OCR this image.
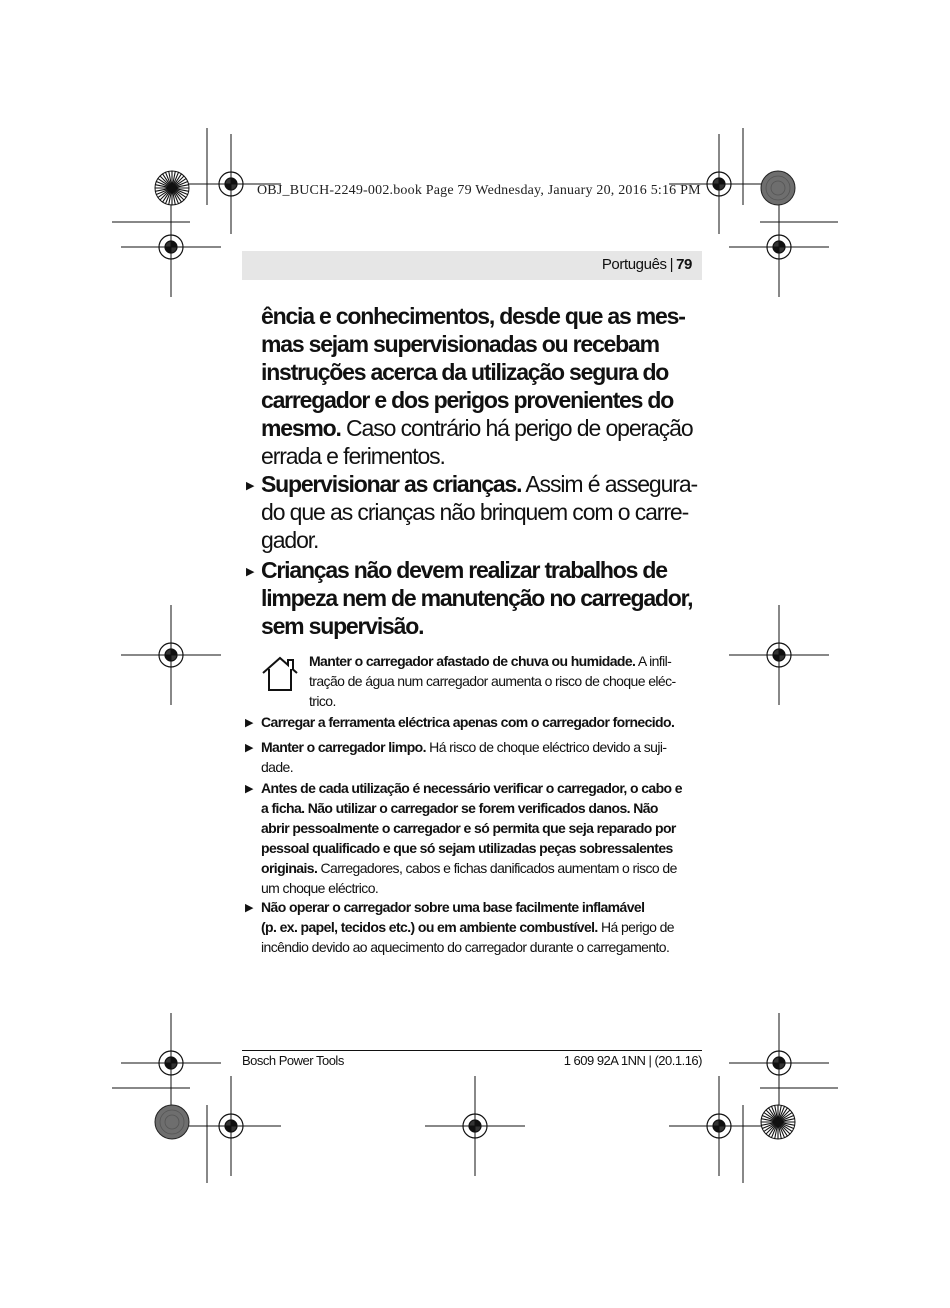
OBJ_BUCH-2249-002.book Page 79 Wednesday, January 20, 2016 5:16 PM
Português | 79
ência e conhecimentos, desde que as mes-
mas sejam supervisionadas ou recebam
instruções acerca da utilização segura do
carregador e dos perigos provenientes do
mesmo. Caso contrário há perigo de operação
errada e ferimentos.
▶ Supervisionar as crianças. Assim é assegura-
do que as crianças não brinquem com o carre-
gador.
▶ Crianças não devem realizar trabalhos de
limpeza nem de manutenção no carregador,
sem supervisão.
Manter o carregador afastado de chuva ou humidade. A infil-
tração de água num carregador aumenta o risco de choque eléc-
trico.
▶ Carregar a ferramenta eléctrica apenas com o carregador fornecido.
▶ Manter o carregador limpo. Há risco de choque eléctrico devido a suji-
dade.
▶ Antes de cada utilização é necessário verificar o carregador, o cabo e
a ficha. Não utilizar o carregador se forem verificados danos. Não
abrir pessoalmente o carregador e só permita que seja reparado por
pessoal qualificado e que só sejam utilizadas peças sobressalentes
originais. Carregadores, cabos e fichas danificados aumentam o risco de
um choque eléctrico.
▶ Não operar o carregador sobre uma base facilmente inflamável
(p. ex. papel, tecidos etc.) ou em ambiente combustível. Há perigo de
incêndio devido ao aquecimento do carregador durante o carregamento.
Bosch Power Tools	1 609 92A 1NN | (20.1.16)
